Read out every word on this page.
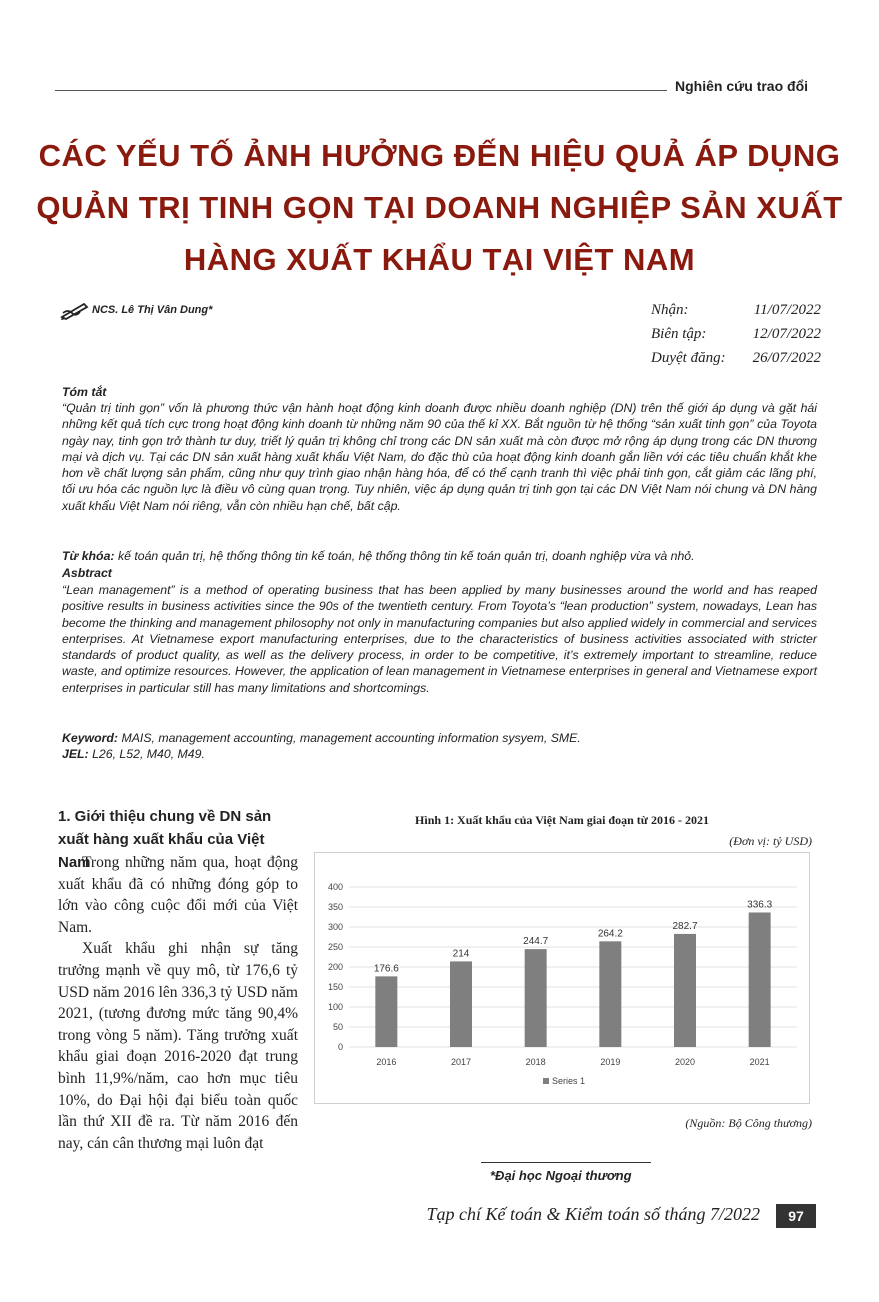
Nghiên cứu trao đổi
CÁC YẾU TỐ ẢNH HƯỞNG ĐẾN HIỆU QUẢ ÁP DỤNG
QUẢN TRỊ TINH GỌN TẠI DOANH NGHIỆP SẢN XUẤT
HÀNG XUẤT KHẨU TẠI VIỆT NAM
NCS. Lê Thị Vân Dung*	Nhận:	11/07/2022
Biên tập:	12/07/2022
Duyệt đăng: 26/07/2022
Tóm tắt
“Quản trị tinh gọn” vốn là phương thức vận hành hoạt động kinh doanh được nhiều doanh nghiệp (DN) trên thế giới áp dụng và gặt hái những kết quả tích cực trong hoạt động kinh doanh từ những năm 90 của thế kỉ XX. Bắt nguồn từ hệ thống “sản xuất tinh gọn” của Toyota ngày nay, tinh gọn trở thành tư duy, triết lý quản trị không chỉ trong các DN sản xuất mà còn được mở rộng áp dụng trong các DN thương mại và dịch vụ. Tại các DN sản xuất hàng xuất khẩu Việt Nam, do đặc thù của hoạt động kinh doanh gắn liền với các tiêu chuẩn khắt khe hơn về chất lượng sản phẩm, cũng như quy trình giao nhận hàng hóa, để có thể cạnh tranh thì việc phải tinh gọn, cắt giảm các lãng phí, tối ưu hóa các nguồn lực là điều vô cùng quan trọng. Tuy nhiên, việc áp dụng quản trị tinh gọn tại các DN Việt Nam nói chung và DN hàng xuất khẩu Việt Nam nói riêng, vẫn còn nhiều hạn chế, bất cập.
Từ khóa: kế toán quản trị, hệ thống thông tin kế toán, hệ thống thông tin kế toán quản trị, doanh nghiệp vừa và nhỏ.
Asbtract
“Lean management” is a method of operating business that has been applied by many businesses around the world and has reaped positive results in business activities since the 90s of the twentieth century. From Toyota’s “lean production” system, nowadays, Lean has become the thinking and management philosophy not only in manufacturing companies but also applied widely in commercial and services enterprises. At Vietnamese export manufacturing enterprises, due to the characteristics of business activities associated with stricter standards of product quality, as well as the delivery process, in order to be competitive, it’s extremely important to streamline, reduce waste, and optimize resources. However, the application of lean management in Vietnamese enterprises in general and Vietnamese export enterprises in particular still has many limitations and shortcomings.
Keyword: MAIS, management accounting, management accounting information sysyem, SME.
JEL: L26, L52, M40, M49.
1. Giới thiệu chung về DN sản xuất hàng xuất khẩu của Việt Nam

Trong những năm qua, hoạt động xuất khẩu đã có những đóng góp to lớn vào công cuộc đổi mới của Việt Nam.

Xuất khẩu ghi nhận sự tăng trưởng mạnh về quy mô, từ 176,6 tỷ USD năm 2016 lên 336,3 tỷ USD năm 2021, (tương đương mức tăng 90,4% trong vòng 5 năm). Tăng trưởng xuất khẩu giai đoạn 2016-2020 đạt trung bình 11,9%/năm, cao hơn mục tiêu 10%, do Đại hội đại biểu toàn quốc lần thứ XII đề ra. Từ năm 2016 đến nay, cán cân thương mại luôn đạt

Hình 1: Xuất khẩu của Việt Nam giai đoạn từ 2016 - 2021
(Đơn vị: tỷ USD)
0
50
100
150
200
250
300
350
400
176.6
2016
214
2017
244.7
2018
264.2
2019
282.7
2020
336.3
2021
Series 1
(Nguồn: Bộ Công thương)
*Đại học Ngoại thương
Tạp chí Kế toán & Kiểm toán số tháng 7/2022	97
